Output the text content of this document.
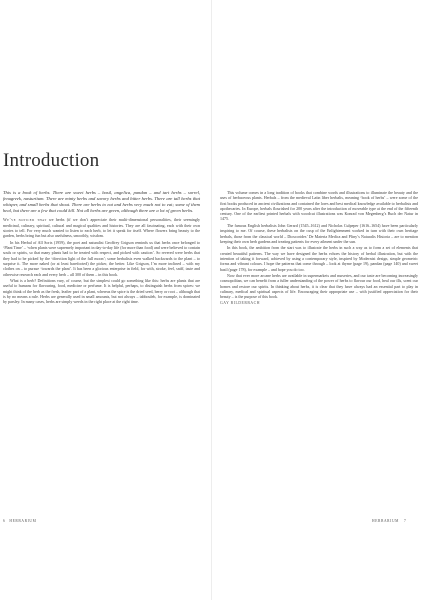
Introduction

This is a book of herbs. There are sweet herbs – basil, angelica, pandan – and tart herbs – sorrel, fenugreek, nasturtium. There are minty herbs and savory herbs and bitter herbs. There are tall herbs that whisper, and small herbs that shout. There are herbs to eat and herbs very much not to eat; some of them heal, but there are a few that could kill. Not all herbs are green, although there are a lot of green herbs.

We’ve noticed that we herbs (if we don’t appreciate their multi-dimensional personalities, their seemingly medicinal, culinary, spiritual, cultural and magical qualities and histories. They are all fascinating, each with their own stories to tell. For very much wanted to listen to each herb, to let it speak for itself. Where flowers bring beauty to the garden, herbs bring fun but also usefulness, smoothly, wisdom.

In his Herbal of All Sorts (1959), the poet and naturalist Geoffrey Grigson reminds us that herbs once belonged to ‘Plant Time’ – ‘when plants were supremely important in day-to-day life (for more than food) and were believed to contain souls or spirits, so that many plants had to be treated with respect, and picked with caution’. So revered were herbs that they had to be picked by the ‘direction light of the full moon’; some herbalists even walked backwards to the plant – to surprise it. The more naked (or at least barefooted) the picker, the better. Like Grigson, I’m more inclined – with my clothes on – to pursue ‘towards the plant’. It has been a glorious enterprise in field, for with, stroke, feel, sniff, taste and otherwise research each and every herb – all 300 of them – in this book.

What is a herb? Definitions vary, of course, but the simplest could go something like this: herbs are plants that are useful to humans for flavouring, food, medicine or perfume. It is helpful, perhaps, to distinguish herbs from spices: we might think of the herb as the fresh, leafier part of a plant, whereas the spice is the dried seed, berry or root – although that is by no means a rule. Herbs are generally used in small amounts, but not always – tabbouleh, for example, is dominated by parsley. In many cases, herbs are simply weeds in the right place at the right time.

6 HERBARIUM

This volume comes in a long tradition of books that combine words and illustrations to illuminate the beauty and the uses of herbaceous plants. Herbals – from the medieval Latin liber herbalis, meaning ‘book of herbs’ – were some of the first books produced in ancient civilizations and contained the lores and best medical knowledge available to herbalists and apothecaries. In Europe, herbals flourished for 200 years after the introduction of moveable type at the end of the fifteenth century. One of the earliest printed herbals with woodcut illustrations was Konrad von Megenberg’s Buch der Natur in 1475.

The famous English herbalists John Gerard (1545–1612) and Nicholas Culpeper (1616–1654) have been particularly inspiring to me. Of course, these herbalists on the cusp of the Enlightenment worked in turn with their own heritage herbals, those from the classical world – Dioscorides’ De Materia Medica and Pliny’s Naturalis Historia – are to mention keeping their own herb gardens and treating patients for every ailment under the sun.

In this book, the ambition from the start was to illustrate the herbs in such a way as to form a set of elements that created beautiful patterns. The way we have designed the herbs echoes the history of herbal illustration, but with the intention of taking it forward, achieved by using a contemporary style, inspired by Modernist design, simple geometric forms and vibrant colours. I hope the patterns that come through – look at thyme (page 19), pandan (page 140) and sweet basil (page 178), for example – and hope you do too.

Now that ever more arcane herbs are available in supermarkets and nurseries, and our taste are becoming increasingly cosmopolitan, we can benefit from a fuller understanding of the power of herbs to flavour our food, heal our ills, scent our homes and restore our spirits. In thinking about herbs, it is clear that they have always had an essential part to play in culinary, medical and spiritual aspects of life. Encouraging their appropriate use – with justified appreciation for their beauty – is the purpose of this book.

GAY BILDERBACH
HERBARIUM 7
